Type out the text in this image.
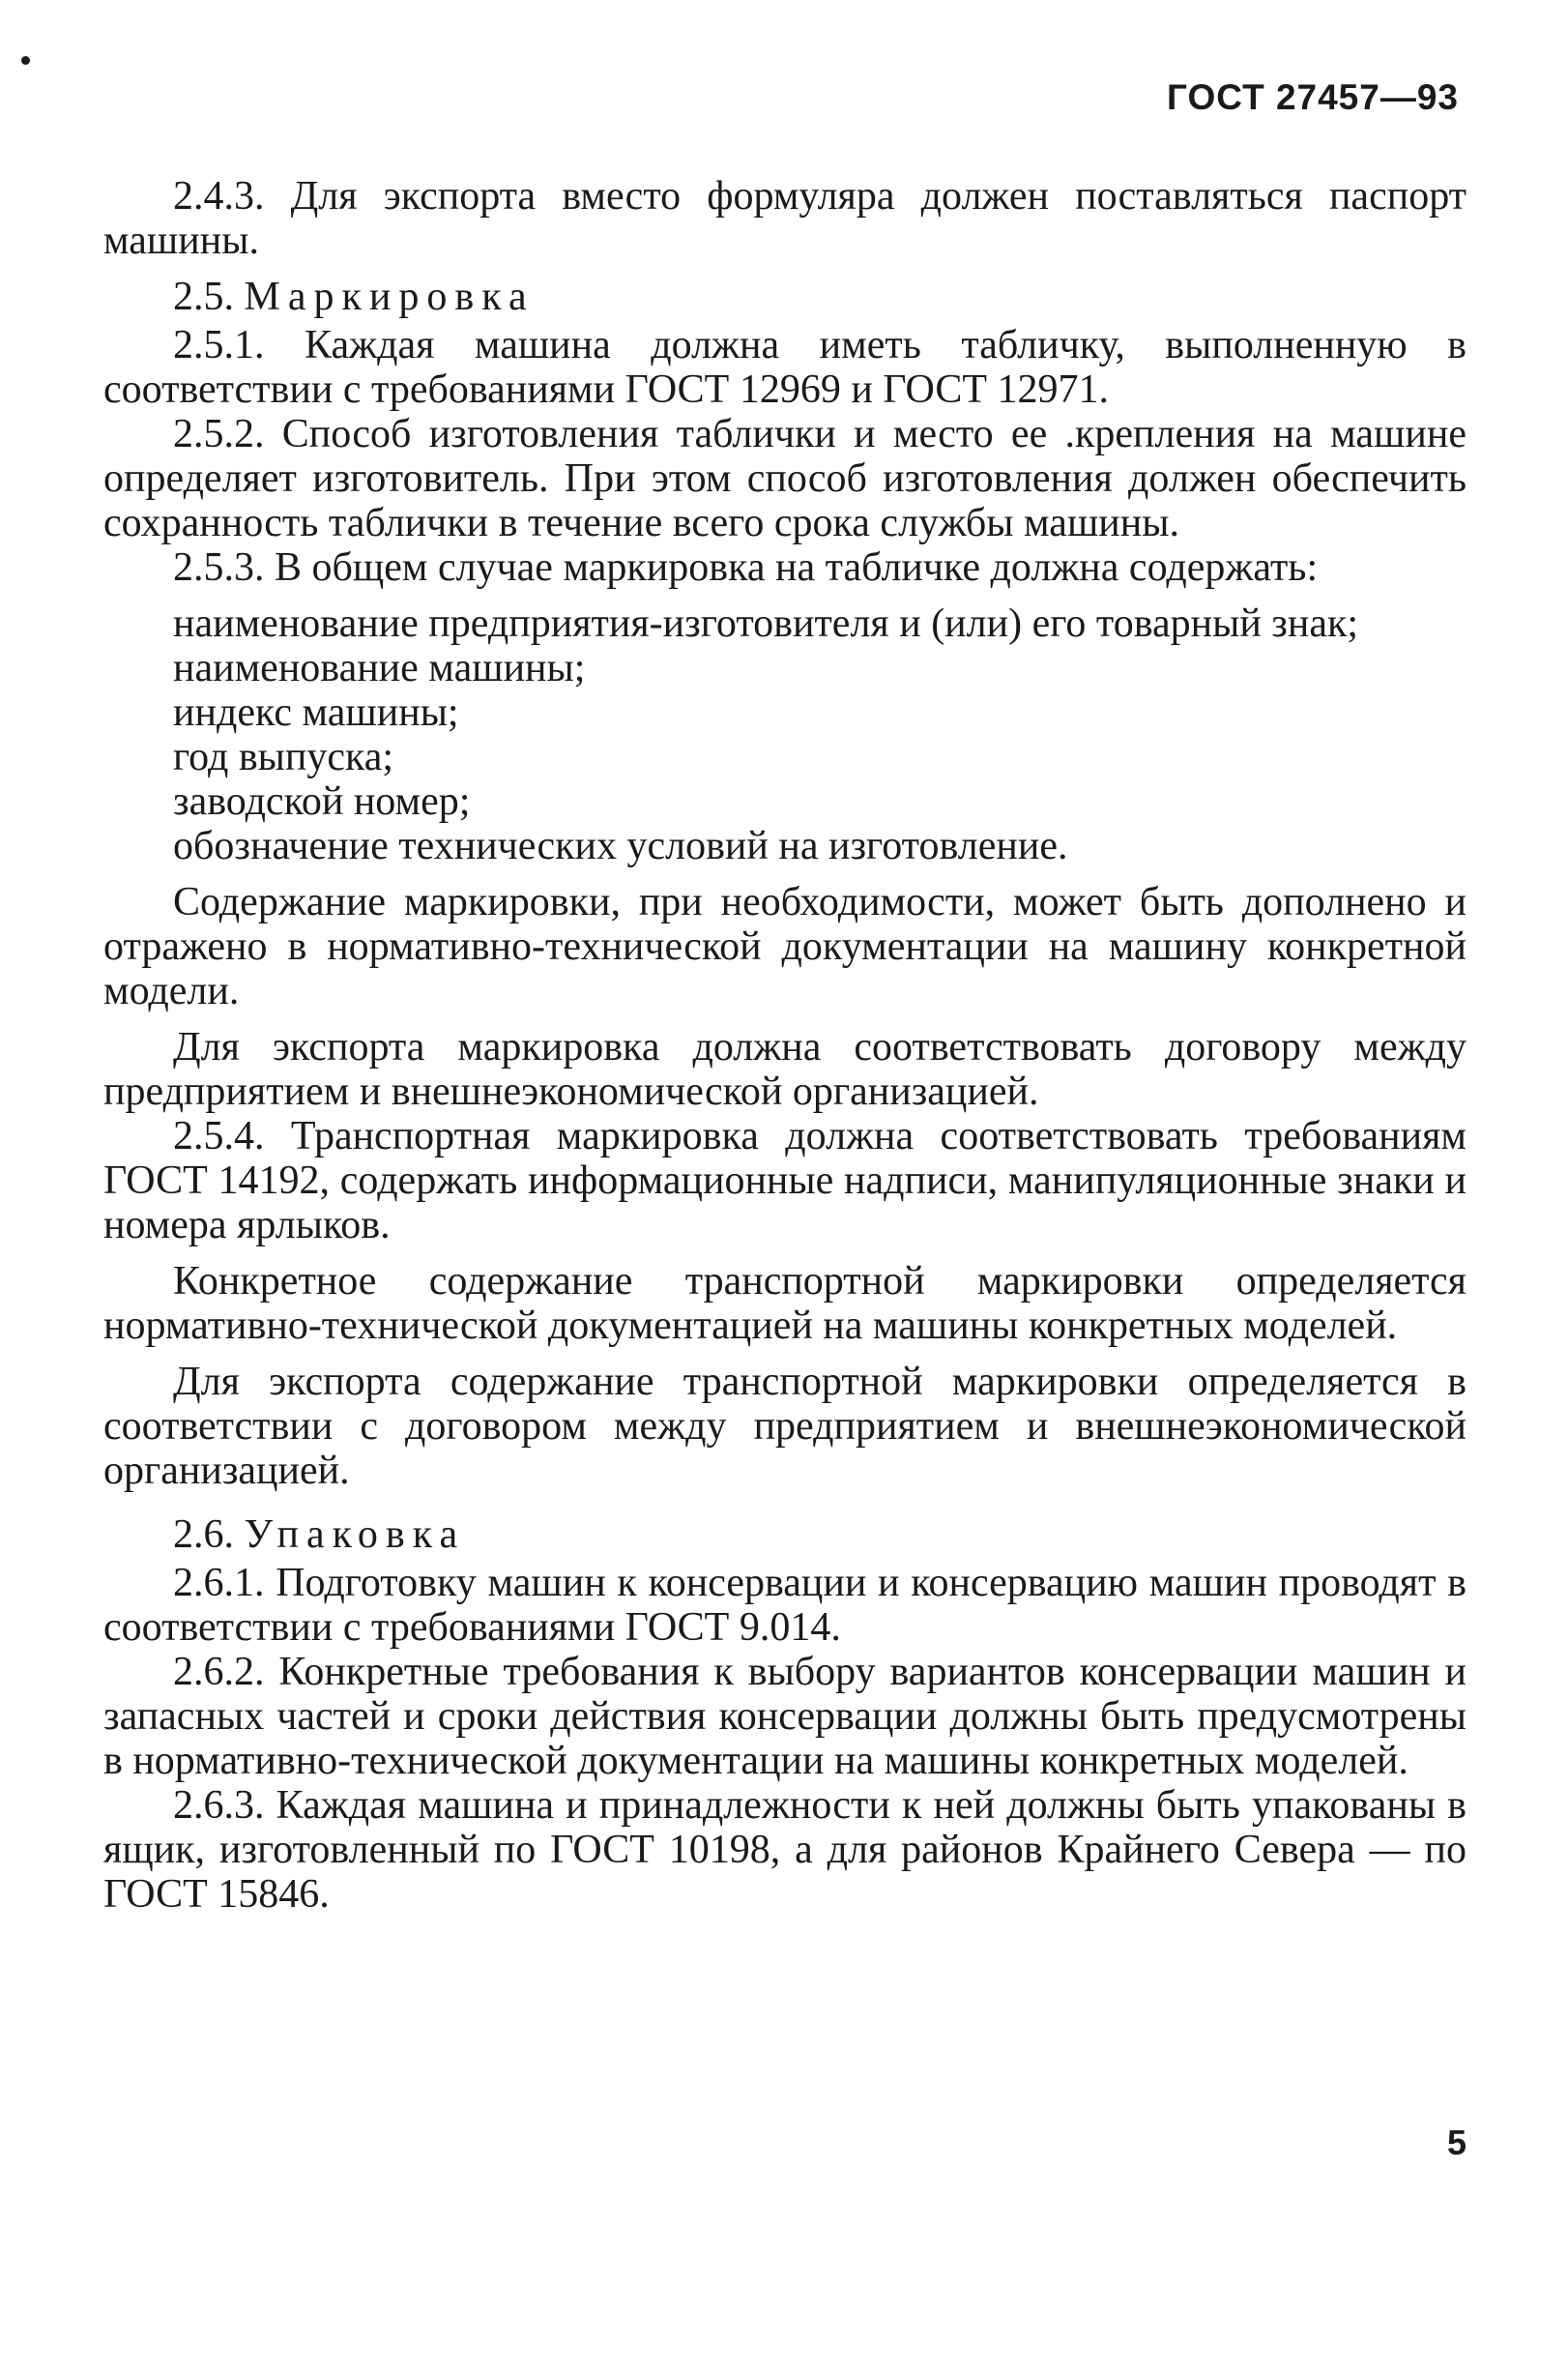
ГОСТ 27457—93

2.4.3. Для экспорта вместо формуляра должен поставляться паспорт машины.

2.5. Маркировка

2.5.1. Каждая машина должна иметь табличку, выполненную в соответствии с требованиями ГОСТ 12969 и ГОСТ 12971.

2.5.2. Способ изготовления таблички и место ее .крепления на машине определяет изготовитель. При этом способ изготовления должен обеспечить сохранность таблички в течение всего срока службы машины.

2.5.3. В общем случае маркировка на табличке должна содержать:

наименование предприятия-изготовителя и (или) его товарный знак;
наименование машины;
индекс машины;
год выпуска;
заводской номер;
обозначение технических условий на изготовление.

Содержание маркировки, при необходимости, может быть дополнено и отражено в нормативно-технической документации на машину конкретной модели.

Для экспорта маркировка должна соответствовать договору между предприятием и внешнеэкономической организацией.

2.5.4. Транспортная маркировка должна соответствовать требованиям ГОСТ 14192, содержать информационные надписи, манипуляционные знаки и номера ярлыков.

Конкретное содержание транспортной маркировки определяется нормативно-технической документацией на машины конкретных моделей.

Для экспорта содержание транспортной маркировки определяется в соответствии с договором между предприятием и внешнеэкономической организацией.

2.6. Упаковка

2.6.1. Подготовку машин к консервации и консервацию машин проводят в соответствии с требованиями ГОСТ 9.014.

2.6.2. Конкретные требования к выбору вариантов консервации машин и запасных частей и сроки действия консервации должны быть предусмотрены в нормативно-технической документации на машины конкретных моделей.

2.6.3. Каждая машина и принадлежности к ней должны быть упакованы в ящик, изготовленный по ГОСТ 10198, а для районов Крайнего Севера — по ГОСТ 15846.

5
